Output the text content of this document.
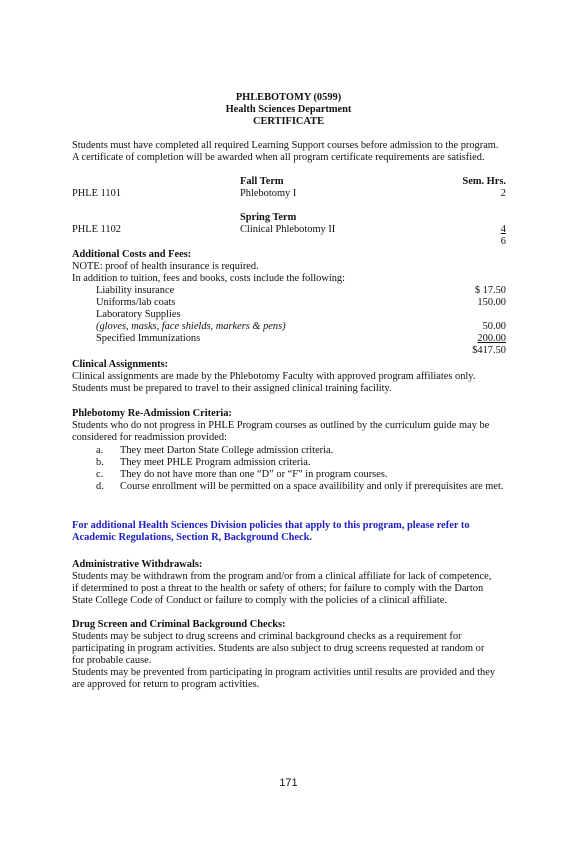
PHLEBOTOMY (0599)
Health Sciences Department
CERTIFICATE
Students must have completed all required Learning Support courses before admission to the program.
A certificate of completion will be awarded when all program certificate requirements are satisfied.
Fall Term	Sem. Hrs.
PHLE 1101	Phlebotomy I	2
Spring Term
PHLE 1102	Clinical Phlebotomy II	4
6
Additional Costs and Fees:
NOTE: proof of health insurance is required.
In addition to tuition, fees and books, costs include the following:
Liability insurance	$ 17.50
Uniforms/lab coats	150.00
Laboratory Supplies
(gloves, masks, face shields, markers & pens)	50.00
Specified Immunizations	200.00
$417.50
Clinical Assignments:
Clinical assignments are made by the Phlebotomy Faculty with approved program affiliates only.
Students must be prepared to travel to their assigned clinical training facility.
Phlebotomy Re-Admission Criteria:
Students who do not progress in PHLE Program courses as outlined by the curriculum guide may be
considered for readmission provided:
a. They meet Darton State College admission criteria.
b. They meet PHLE Program admission criteria.
c. They do not have more than one “D” or “F” in program courses.
d. Course enrollment will be permitted on a space availibility and only if prerequisites are met.
For additional Health Sciences Division policies that apply to this program, please refer to
Academic Regulations, Section R, Background Check.
Administrative Withdrawals:
Students may be withdrawn from the program and/or from a clinical affiliate for lack of competence,
if determined to post a threat to the health or safety of others; for failure to comply with the Darton
State College Code of Conduct or failure to comply with the policies of a clinical affiliate.
Drug Screen and Criminal Background Checks:
Students may be subject to drug screens and criminal background checks as a requirement for
participating in program activities. Students are also subject to drug screens requested at random or
for probable cause.
Students may be prevented from participating in program activities until results are provided and they
are approved for return to program activities.
171
